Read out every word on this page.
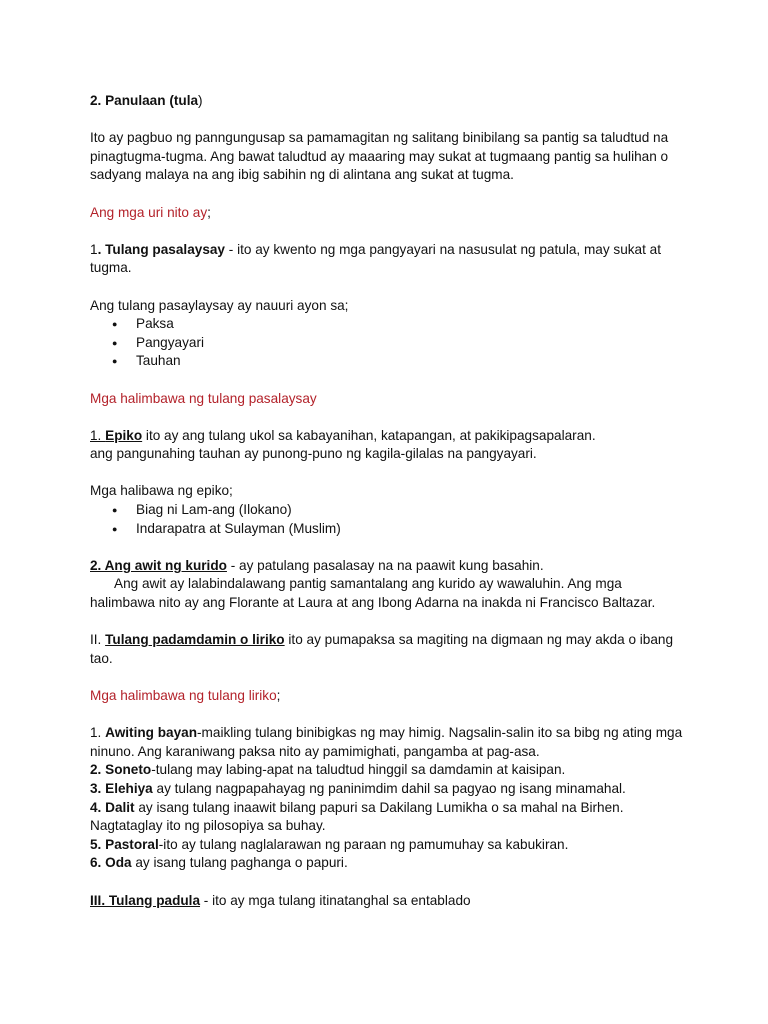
2. Panulaan (tula)

Ito ay pagbuo ng panngungusap sa pamamagitan ng salitang binibilang sa pantig sa taludtud na pinagtugma-tugma. Ang bawat taludtud ay maaaring may sukat at tugmaang pantig sa hulihan o sadyang malaya na ang ibig sabihin ng di alintana ang sukat at tugma.

Ang mga uri nito ay;

1. Tulang pasalaysay - ito ay kwento ng mga pangyayari na nasusulat ng patula, may sukat at tugma.

Ang tulang pasaylaysay ay nauuri ayon sa;

● Paksa
● Pangyayari
● Tauhan

Mga halimbawa ng tulang pasalaysay

1. Epiko ito ay ang tulang ukol sa kabayanihan, katapangan, at pakikipagsapalaran.

ang pangunahing tauhan ay punong-puno ng kagila-gilalas na pangyayari.

Mga halibawa ng epiko;

● Biag ni Lam-ang (Ilokano)
● Indarapatra at Sulayman (Muslim)

2. Ang awit ng kurido - ay patulang pasalasay na na paawit kung basahin.

Ang awit ay lalabindalawang pantig samantalang ang kurido ay wawaluhin. Ang mga halimbawa nito ay ang Florante at Laura at ang Ibong Adarna na inakda ni Francisco Baltazar.

II. Tulang padamdamin o liriko ito ay pumapaksa sa magiting na digmaan ng may akda o ibang tao.

Mga halimbawa ng tulang liriko;

1. Awiting bayan-maikling tulang binibigkas ng may himig. Nagsalin-salin ito sa bibg ng ating mga ninuno. Ang karaniwang paksa nito ay pamimighati, pangamba at pag-asa.

2. Soneto-tulang may labing-apat na taludtud hinggil sa damdamin at kaisipan.

3. Elehiya ay tulang nagpapahayag ng paninimdim dahil sa pagyao ng isang minamahal.

4. Dalit ay isang tulang inaawit bilang papuri sa Dakilang Lumikha o sa mahal na Birhen. Nagtataglay ito ng pilosopiya sa buhay.

5. Pastoral-ito ay tulang naglalarawan ng paraan ng pamumuhay sa kabukiran.

6. Oda ay isang tulang paghanga o papuri.

III. Tulang padula - ito ay mga tulang itinatanghal sa entablado
